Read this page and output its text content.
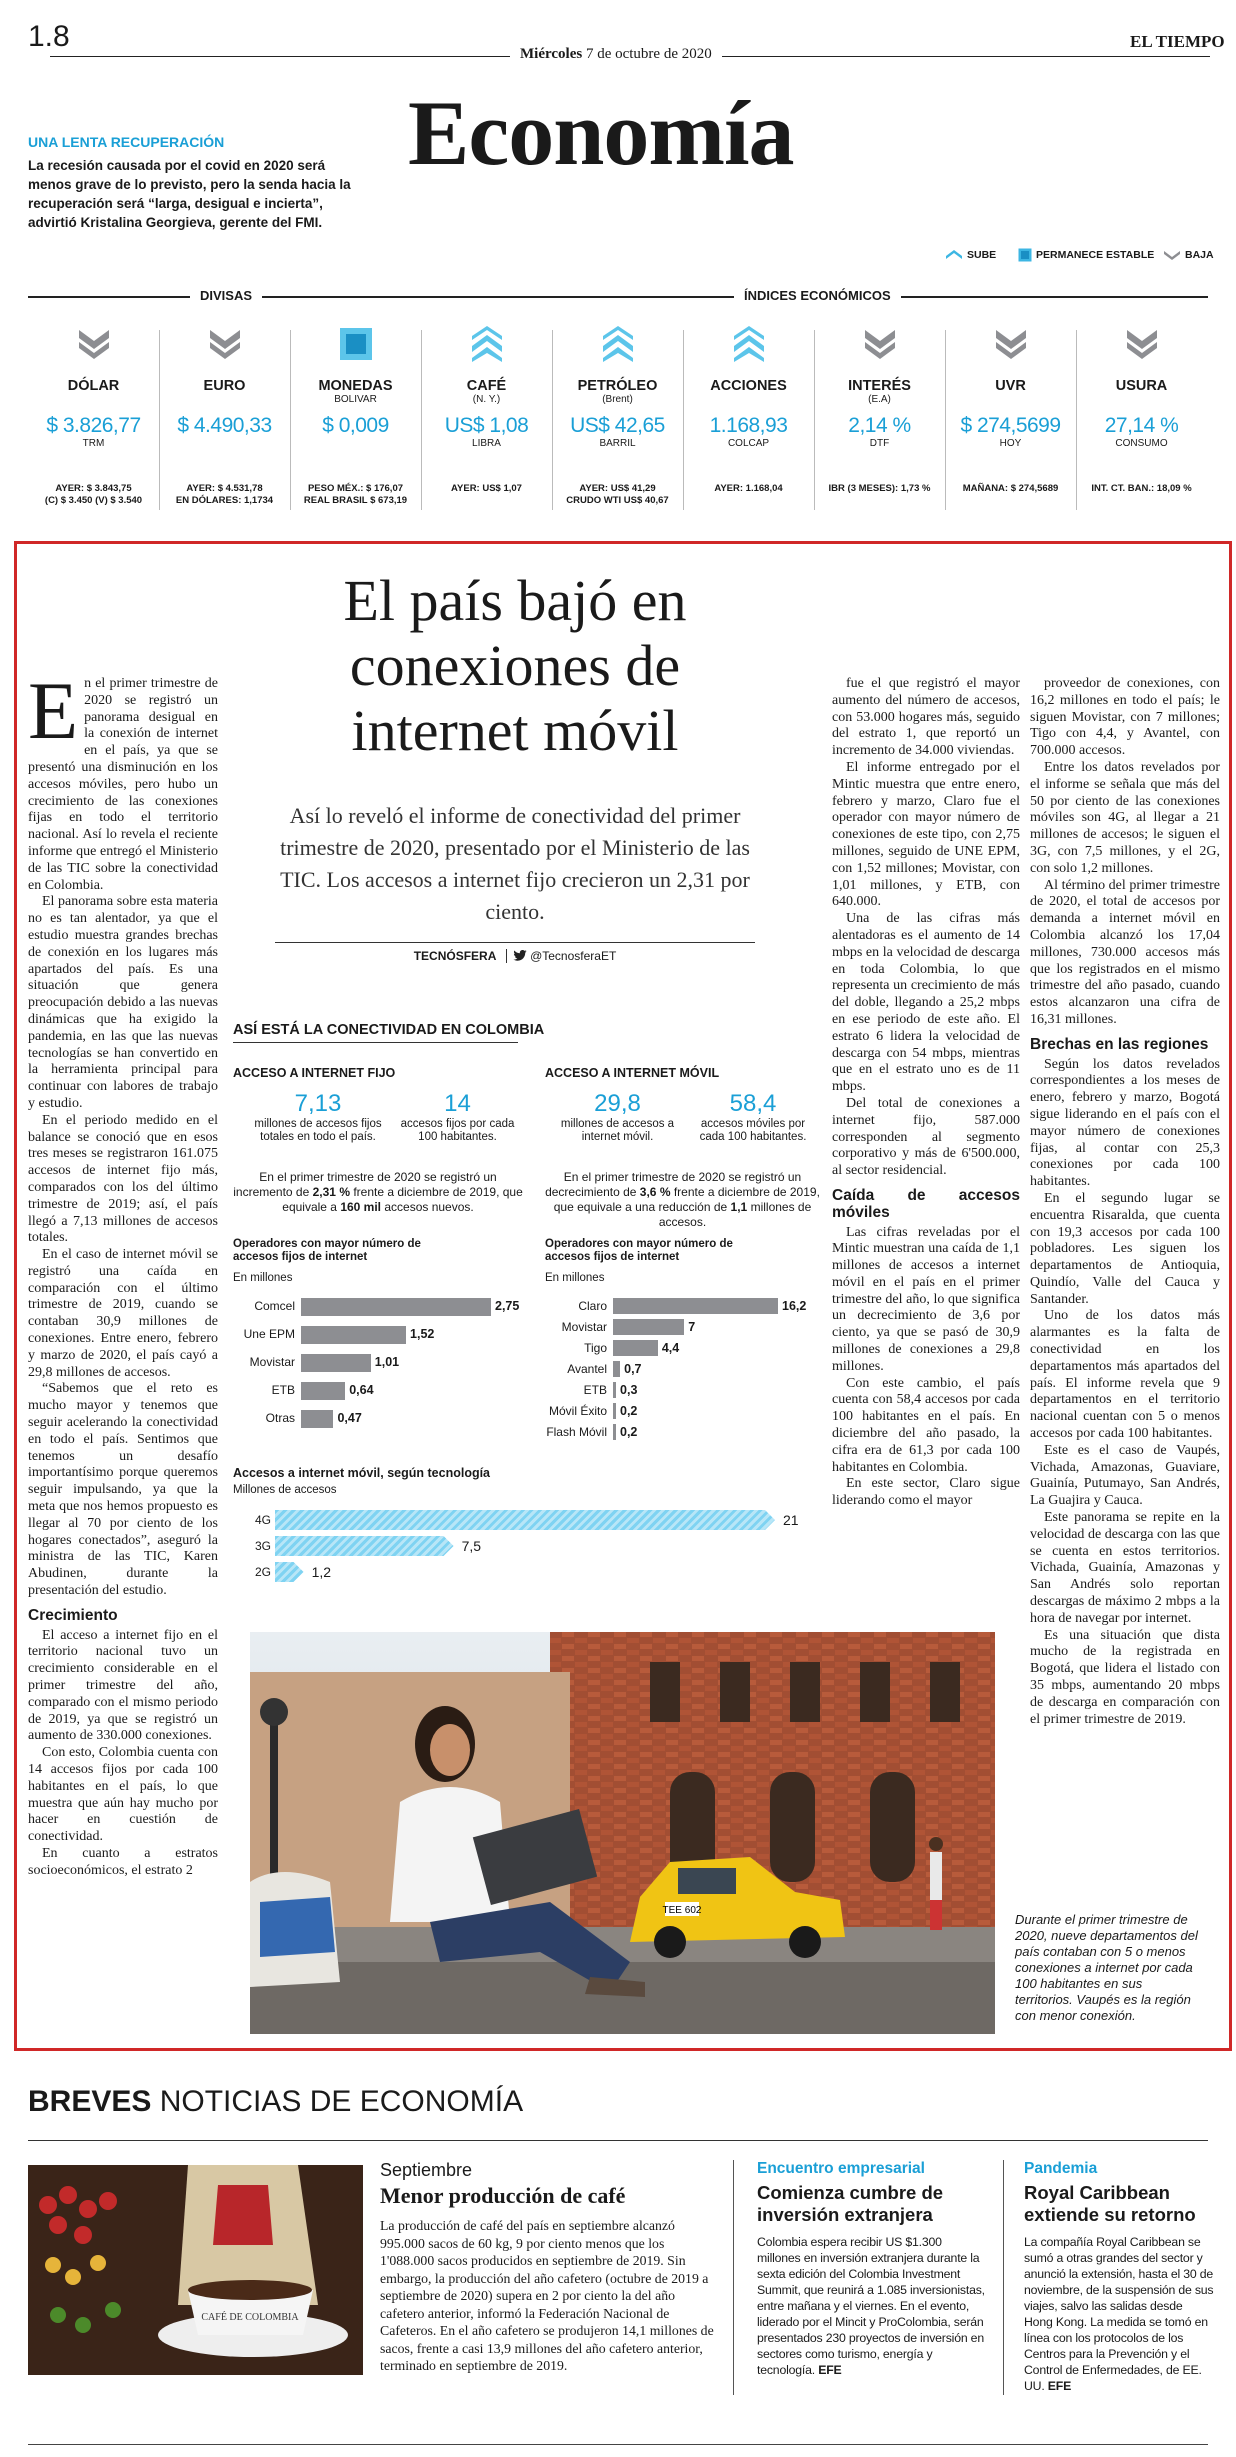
1.8
Miércoles 7 de octubre de 2020
EL TIEMPO
UNA LENTA RECUPERACIÓN
La recesión causada por el covid en 2020 será menos grave de lo previsto, pero la senda hacia la recuperación será “larga, desigual e incierta”, advirtió Kristalina Georgieva, gerente del FMI.
Economía
SUBE	PERMANECE ESTABLE	BAJA
DIVISAS	ÍNDICES ECONÓMICOS
DÓLAR
$ 3.826,77
TRM
AYER: $ 3.843,75
(C) $ 3.450 (V) $ 3.540
EURO
$ 4.490,33

AYER: $ 4.531,78
EN DÓLARES: 1,1734
MONEDAS
BOLIVAR
$ 0,009

PESO MÉX.: $ 176,07
REAL BRASIL $ 673,19
CAFÉ
(N. Y.)
US$ 1,08
LIBRA
AYER: US$ 1,07
PETRÓLEO
(Brent)
US$ 42,65
BARRIL
AYER: US$ 41,29
CRUDO WTI US$ 40,67
ACCIONES
1.168,93
COLCAP
AYER: 1.168,04
INTERÉS
(E.A)
2,14 %
DTF
IBR (3 MESES): 1,73 %
UVR
$ 274,5699
HOY
MAÑANA: $ 274,5689
USURA
27,14 %
CONSUMO
INT. CT. BAN.: 18,09 %
El país bajó en conexiones de internet móvil
Así lo reveló el informe de conectividad del primer trimestre de 2020, presentado por el Ministerio de las TIC. Los accesos a internet fijo crecieron un 2,31 por ciento.
TECNÓSFERA	@TecnosferaET
E n el primer trimestre de 2020 se registró un panorama desigual en la conexión de internet en el país, ya que se presentó una disminución en los accesos móviles, pero hubo un crecimiento de las conexiones fijas en todo el territorio nacional. Así lo revela el reciente informe que entregó el Ministerio de las TIC sobre la conectividad en Colombia.

El panorama sobre esta materia no es tan alentador, ya que el estudio muestra grandes brechas de conexión en los lugares más apartados del país. Es una situación que genera preocupación debido a las nuevas dinámicas que ha exigido la pandemia, en las que las nuevas tecnologías se han convertido en la herramienta principal para continuar con labores de trabajo y estudio.

En el periodo medido en el balance se conoció que en esos tres meses se registraron 161.075 accesos de internet fijo más, comparados con los del último trimestre de 2019; así, el país llegó a 7,13 millones de accesos totales.

En el caso de internet móvil se registró una caída en comparación con el último trimestre de 2019, cuando se contaban 30,9 millones de conexiones. Entre enero, febrero y marzo de 2020, el país cayó a 29,8 millones de accesos.

“Sabemos que el reto es mucho mayor y tenemos que seguir acelerando la conectividad en todo el país. Sentimos que tenemos un desafío importantísimo porque queremos seguir impulsando, ya que la meta que nos hemos propuesto es llegar al 70 por ciento de los hogares conectados”, aseguró la ministra de las TIC, Karen Abudinen, durante la presentación del estudio.

Crecimiento

El acceso a internet fijo en el territorio nacional tuvo un crecimiento considerable en el primer trimestre del año, comparado con el mismo periodo de 2019, ya que se registró un aumento de 330.000 conexiones.

Con esto, Colombia cuenta con 14 accesos fijos por cada 100 habitantes en el país, lo que muestra que aún hay mucho por hacer en cuestión de conectividad.

En cuanto a estratos socioeconómicos, el estrato 2

fue el que registró el mayor aumento del número de accesos, con 53.000 hogares más, seguido del estrato 1, que reportó un incremento de 34.000 viviendas.

El informe entregado por el Mintic muestra que entre enero, febrero y marzo, Claro fue el operador con mayor número de conexiones de este tipo, con 2,75 millones, seguido de UNE EPM, con 1,52 millones; Movistar, con 1,01 millones, y ETB, con 640.000.

Una de las cifras más alentadoras es el aumento de 14 mbps en la velocidad de descarga en toda Colombia, lo que representa un crecimiento de más del doble, llegando a 25,2 mbps en ese periodo de este año. El estrato 6 lidera la velocidad de descarga con 54 mbps, mientras que en el estrato uno es de 11 mbps.

Del total de conexiones a internet fijo, 587.000 corresponden al segmento corporativo y más de 6'500.000, al sector residencial.

Caída de accesos móviles

Las cifras reveladas por el Mintic muestran una caída de 1,1 millones de accesos a internet móvil en el país en el primer trimestre del año, lo que significa un decrecimiento de 3,6 por ciento, ya que se pasó de 30,9 millones de conexiones a 29,8 millones.

Con este cambio, el país cuenta con 58,4 accesos por cada 100 habitantes en el país. En diciembre del año pasado, la cifra era de 61,3 por cada 100 habitantes en Colombia.

En este sector, Claro sigue liderando como el mayor

proveedor de conexiones, con 16,2 millones en todo el país; le siguen Movistar, con 7 millones; Tigo con 4,4, y Avantel, con 700.000 accesos.

Entre los datos revelados por el informe se señala que más del 50 por ciento de las conexiones móviles son 4G, al llegar a 21 millones de accesos; le siguen el 3G, con 7,5 millones, y el 2G, con solo 1,2 millones.

Al término del primer trimestre de 2020, el total de accesos por demanda a internet móvil en Colombia alcanzó los 17,04 millones, 730.000 accesos más que los registrados en el mismo trimestre del año pasado, cuando estos alcanzaron una cifra de 16,31 millones.

Brechas en las regiones

Según los datos revelados correspondientes a los meses de enero, febrero y marzo, Bogotá sigue liderando en el país con el mayor número de conexiones fijas, al contar con 25,3 conexiones por cada 100 habitantes.

En el segundo lugar se encuentra Risaralda, que cuenta con 19,3 accesos por cada 100 pobladores. Les siguen los departamentos de Antioquia, Quindío, Valle del Cauca y Santander.

Uno de los datos más alarmantes es la falta de conectividad en los departamentos más apartados del país. El informe revela que 9 departamentos en el territorio nacional cuentan con 5 o menos accesos por cada 100 habitantes.

Este es el caso de Vaupés, Vichada, Amazonas, Guaviare, Guainía, Putumayo, San Andrés, La Guajira y Cauca.

Este panorama se repite en la velocidad de descarga con las que se cuenta en estos territorios. Vichada, Guainía, Amazonas y San Andrés solo reportan descargas de máximo 2 mbps a la hora de navegar por internet.

Es una situación que dista mucho de la registrada en Bogotá, que lidera el listado con 35 mbps, aumentando 20 mbps de descarga en comparación con el primer trimestre de 2019.

ASÍ ESTÁ LA CONECTIVIDAD EN COLOMBIA
ACCESO A INTERNET FIJO
7,13
millones de accesos fijos totales en todo el país.
14
accesos fijos por cada 100 habitantes.
En el primer trimestre de 2020 se registró un incremento de 2,31 % frente a diciembre de 2019, que equivale a 160 mil accesos nuevos.
Operadores con mayor número de accesos fijos de internet
En millones
Comcel	2,75
Une EPM	1,52
Movistar	1,01
ETB	0,64
Otras	0,47
ACCESO A INTERNET MÓVIL
29,8
millones de accesos a internet móvil.
58,4
accesos móviles por cada 100 habitantes.
En el primer trimestre de 2020 se registró un decrecimiento de 3,6 % frente a diciembre de 2019, que equivale a una reducción de 1,1 millones de accesos.
Operadores con mayor número de accesos fijos de internet
En millones
Claro	16,2
Movistar	7
Tigo	4,4
Avantel 0,7
ETB 0,3
Móvil Éxito 0,2
Flash Móvil 0,2
Accesos a internet móvil, según tecnología
Millones de accesos
4G	21
3G	7,5
2G	1,2
TEE 602
Durante el primer trimestre de 2020, nueve departamentos del país contaban con 5 o menos conexiones a internet por cada 100 habitantes en sus territorios. Vaupés es la región con menor conexión.
BREVES NOTICIAS DE ECONOMÍA
CAFÉ DE COLOMBIA
Septiembre
Menor producción de café
La producción de café del país en septiembre alcanzó 995.000 sacos de 60 kg, 9 por ciento menos que los 1'088.000 sacos producidos en septiembre de 2019. Sin embargo, la producción del año cafetero (octubre de 2019 a septiembre de 2020) supera en 2 por ciento la del año cafetero anterior, informó la Federación Nacional de Cafeteros. En el año cafetero se produjeron 14,1 millones de sacos, frente a casi 13,9 millones del año cafetero anterior, terminado en septiembre de 2019.
Encuentro empresarial
Comienza cumbre de inversión extranjera
Colombia espera recibir US $1.300 millones en inversión extranjera durante la sexta edición del Colombia Investment Summit, que reunirá a 1.085 inversionistas, entre mañana y el viernes. En el evento, liderado por el Mincit y ProColombia, serán presentados 230 proyectos de inversión en sectores como turismo, energía y tecnología. EFE
Pandemia
Royal Caribbean extiende su retorno
La compañía Royal Caribbean se sumó a otras grandes del sector y anunció la extensión, hasta el 30 de noviembre, de la suspensión de sus viajes, salvo las salidas desde Hong Kong. La medida se tomó en línea con los protocolos de los Centros para la Prevención y el Control de Enfermedades, de EE. UU. EFE
